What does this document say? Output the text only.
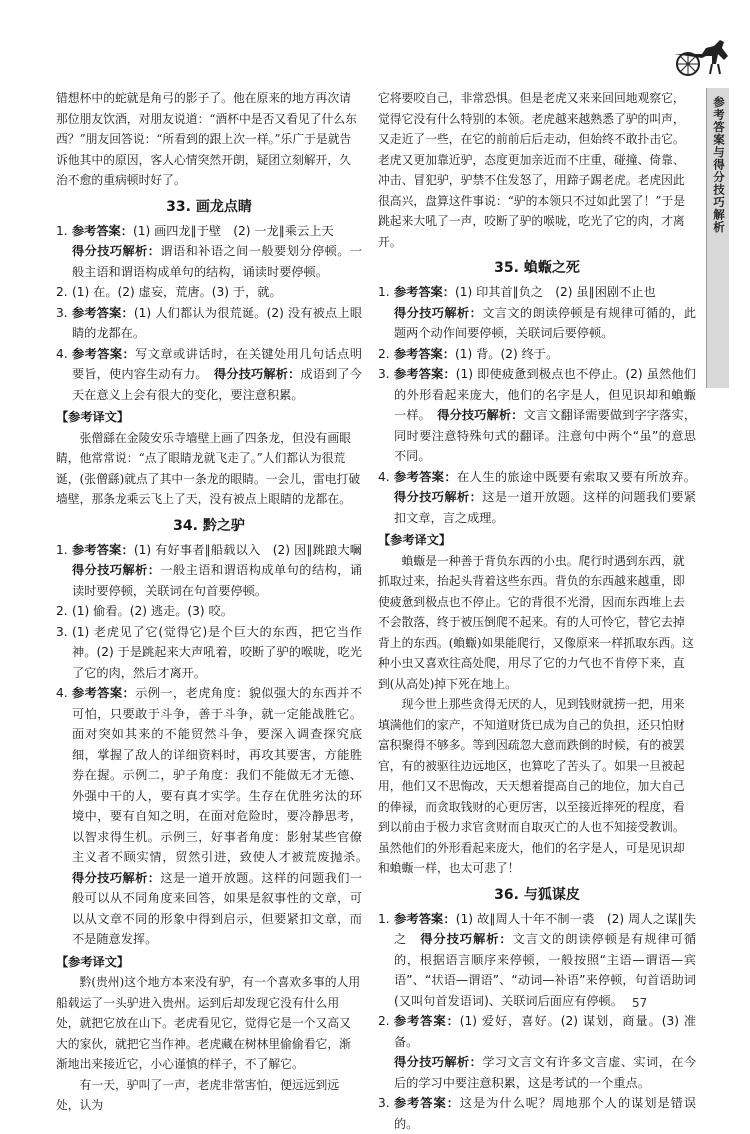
参考答案与得分技巧解析

错想杯中的蛇就是角弓的影子了。他在原来的地方再次请那位朋友饮酒，对朋友说道：“酒杯中是否又看见了什么东西？”朋友回答说：“所看到的跟上次一样。”乐广于是就告诉他其中的原因，客人心情突然开朗，疑团立刻解开，久治不愈的重病顿时好了。

33. 画龙点睛
1. 参考答案：(1) 画四龙∥于壁　(2) 一龙∥乘云上天
得分技巧解析：谓语和补语之间一般要划分停顿。一般主语和谓语构成单句的结构，诵读时要停顿。
2. (1) 在。(2) 虚妄，荒唐。(3) 于，就。
3. 参考答案：(1) 人们都认为很荒诞。(2) 没有被点上眼睛的龙都在。
4. 参考答案：写文章或讲话时，在关键处用几句话点明要旨，使内容生动有力。　 得分技巧解析：成语到了今天在意义上会有很大的变化，要注意积累。
【参考译文】

张僧繇在金陵安乐寺墙壁上画了四条龙，但没有画眼睛，他常常说：“点了眼睛龙就飞走了。”人们都认为很荒诞，(张僧繇)就点了其中一条龙的眼睛。一会儿，雷电打破墙壁，那条龙乘云飞上了天，没有被点上眼睛的龙都在。

34. 黔之驴
1. 参考答案：(1) 有好事者∥船载以入　(2) 因∥跳踉大㘎　得分技巧解析：一般主语和谓语构成单句的结构，诵读时要停顿，关联词在句首要停顿。
2. (1) 偷看。(2) 逃走。(3) 咬。
3. (1) 老虎见了它(觉得它)是个巨大的东西，把它当作神。(2) 于是跳起来大声吼着，咬断了驴的喉咙，吃光了它的肉，然后才离开。
4. 参考答案：示例一，老虎角度：貌似强大的东西并不可怕，只要敢于斗争，善于斗争，就一定能战胜它。面对突如其来的不能贸然斗争，要深入调查探究底细，掌握了敌人的详细资料时，再攻其要害，方能胜券在握。示例二，驴子角度：我们不能做无才无德、外强中干的人，要有真才实学。生存在优胜劣汰的环境中，要有自知之明，在面对危险时，要冷静思考，以智求得生机。示例三，好事者角度：影射某些官僚主义者不顾实情，贸然引进，致使人才被荒废抛杀。　得分技巧解析：这是一道开放题。这样的问题我们一般可以从不同角度来回答，如果是叙事性的文章，可以从文章不同的形象中得到启示，但要紧扣文章，而不是随意发挥。
【参考译文】

黔(贵州)这个地方本来没有驴，有一个喜欢多事的人用船载运了一头驴进入贵州。运到后却发现它没有什么用处，就把它放在山下。老虎看见它，觉得它是一个又高又大的家伙，就把它当作神。老虎藏在树林里偷偷看它，渐渐地出来接近它，小心谨慎的样子，不了解它。

有一天，驴叫了一声，老虎非常害怕，便远远到远处，认为

它将要咬自己，非常恐惧。但是老虎又来来回回地观察它，觉得它没有什么特别的本领。老虎越来越熟悉了驴的叫声，又走近了一些，在它的前前后后走动，但始终不敢扑击它。老虎又更加靠近驴，态度更加亲近而不庄重，碰撞、倚靠、冲击、冒犯驴，驴禁不住发怒了，用蹄子踢老虎。老虎因此很高兴，盘算这件事说：“驴的本领只不过如此罢了！”于是跳起来大吼了一声，咬断了驴的喉咙，吃光了它的肉，才离开。

35. 蝜蝂之死
1. 参考答案：(1) 印其首∥负之　(2) 虽∥困剧不止也
得分技巧解析：文言文的朗读停顿是有规律可循的，此题两个动作间要停顿，关联词后要停顿。
2. 参考答案：(1) 背。(2) 终于。
3. 参考答案：(1) 即使疲惫到极点也不停止。(2) 虽然他们的外形看起来庞大，他们的名字是人，但见识却和蝜蝂一样。　 得分技巧解析：文言文翻译需要做到字字落实，同时要注意特殊句式的翻译。注意句中两个“虽”的意思不同。
4. 参考答案：在人生的旅途中既要有索取又要有所放弃。得分技巧解析：这是一道开放题。这样的问题我们要紧扣文章，言之成理。
【参考译文】

蝜蝂是一种善于背负东西的小虫。爬行时遇到东西，就抓取过来，抬起头背着这些东西。背负的东西越来越重，即使疲惫到极点也不停止。它的背很不光滑，因而东西堆上去不会散落，终于被压倒爬不起来。有的人可怜它，替它去掉背上的东西。(蝜蝂)如果能爬行，又像原来一样抓取东西。这种小虫又喜欢往高处爬，用尽了它的力气也不肯停下来，直到(从高处)掉下死在地上。

现今世上那些贪得无厌的人，见到钱财就捞一把，用来填满他们的家产，不知道财货已成为自己的负担，还只怕财富积聚得不够多。等到因疏忽大意而跌倒的时候，有的被罢官，有的被驱往边远地区，也算吃了苦头了。如果一旦被起用，他们又不思悔改，天天想着提高自己的地位，加大自己的俸禄，而贪取钱财的心更厉害，以至接近摔死的程度，看到以前由于极力求官贪财而自取灭亡的人也不知接受教训。虽然他们的外形看起来庞大，他们的名字是人，可是见识却和蝜蝂一样，也太可悲了！

36. 与狐谋皮
1. 参考答案：(1) 故∥周人十年不制一裘　(2) 周人之谋∥失之　 得分技巧解析：文言文的朗读停顿是有规律可循的，根据语言顺序来停顿，一般按照“主语—谓语—宾语”、“状语—谓语”、“动词—补语”来停顿，句首语助词(又叫句首发语词)、关联词后面应有停顿。
2. 参考答案：(1) 爱好，喜好。(2) 谋划，商量。(3) 准备。
得分技巧解析：学习文言文有许多文言虚、实词，在今后的学习中要注意积累，这是考试的一个重点。
3. 参考答案：这是为什么呢？周地那个人的谋划是错误的。
57
